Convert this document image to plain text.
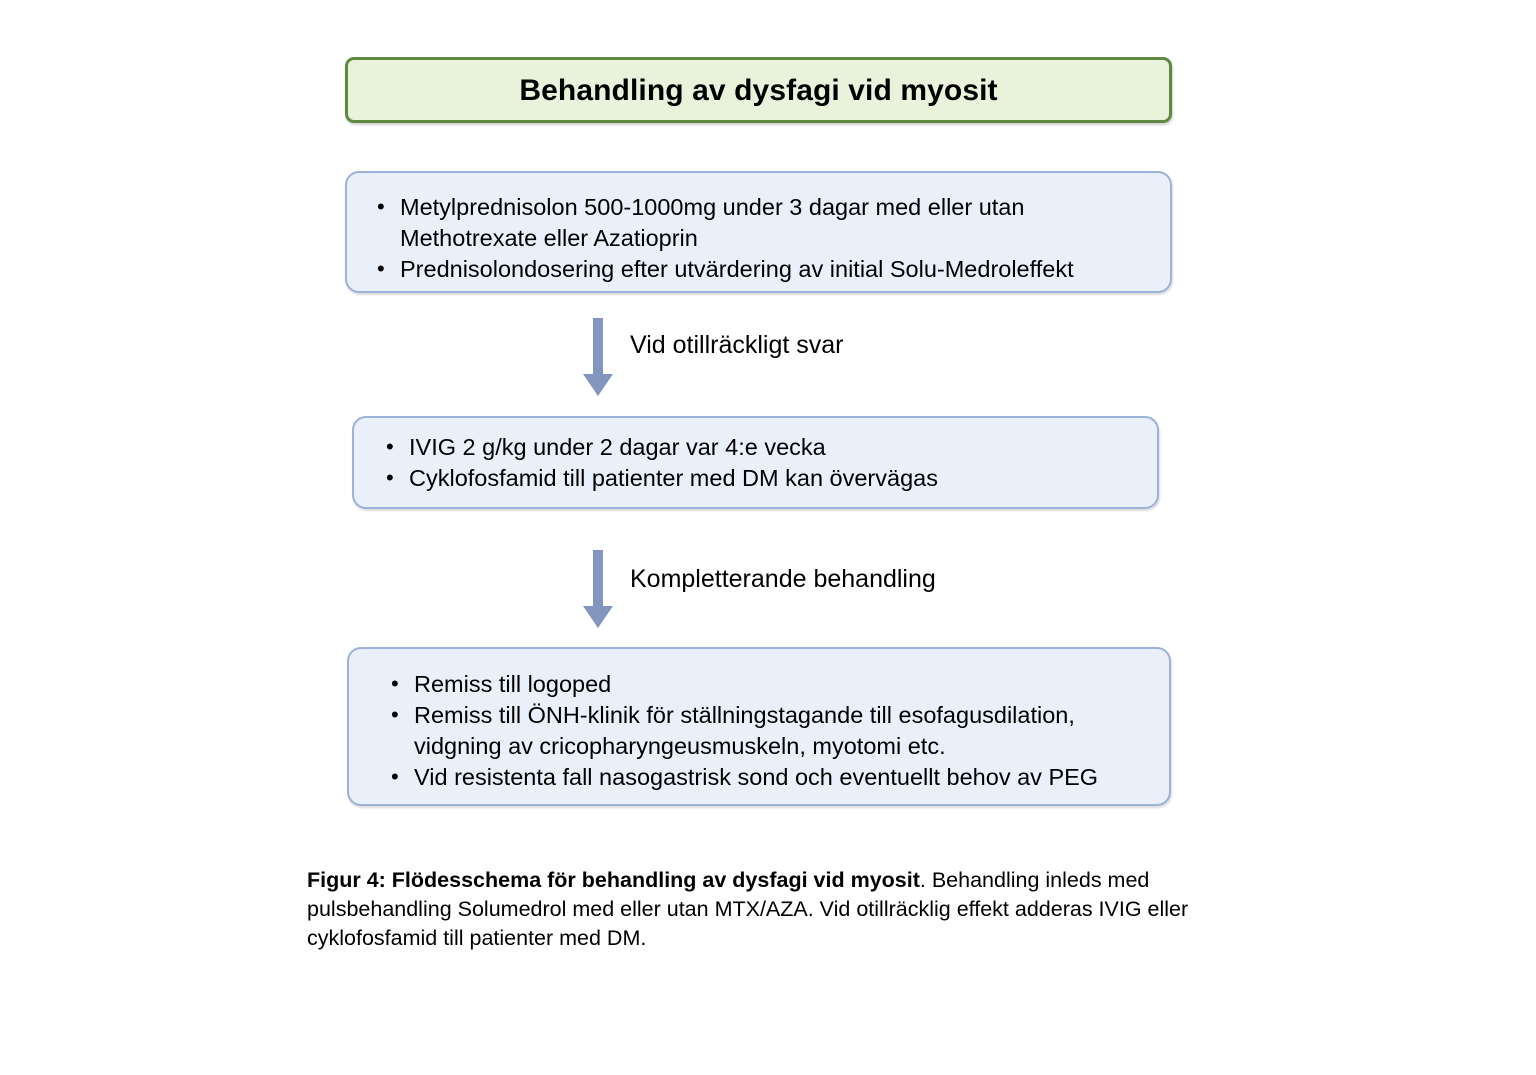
Behandling av dysfagi vid myosit
• Metylprednisolon 500-1000mg under 3 dagar med eller utan Methotrexate eller Azatioprin
• Prednisolondosering efter utvärdering av initial Solu-Medroleffekt
Vid otillräckligt svar
• IVIG 2 g/kg under 2 dagar var 4:e vecka
• Cyklofosfamid till patienter med DM kan övervägas
Kompletterande behandling
• Remiss till logoped
• Remiss till ÖNH-klinik för ställningstagande till esofagusdilation, vidgning av cricopharyngeusmuskeln, myotomi etc.
• Vid resistenta fall nasogastrisk sond och eventuellt behov av PEG
Figur 4: Flödesschema för behandling av dysfagi vid myosit. Behandling inleds med pulsbehandling Solumedrol med eller utan MTX/AZA. Vid otillräcklig effekt adderas IVIG eller cyklofosfamid till patienter med DM.
